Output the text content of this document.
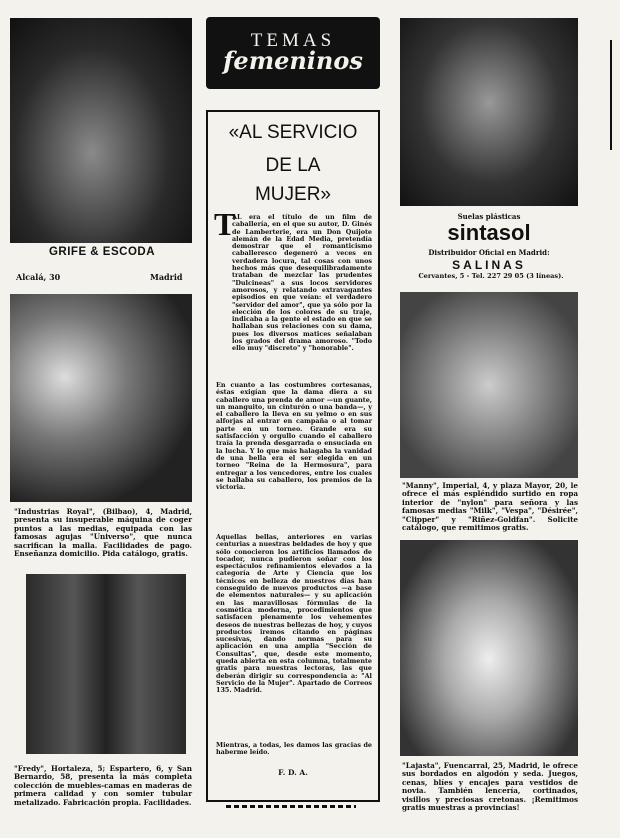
GRIFE & ESCODA
Alcalá, 30	Madrid
"Industrias Royal", (Bilbao), 4, Madrid, presenta su insuperable máquina de coger puntos a las medias, equipada con las famosas agujas "Universo", que nunca sacrifican la malla. Facilidades de pago. Enseñanza domicilio. Pida catálogo, gratis.
"Fredy", Hortaleza, 5; Espartero, 6, y San Bernardo, 58, presenta la más completa colección de muebles-camas en maderas de primera calidad y con somier tubular metalizado. Fabricación propia. Facilidades.
TEMAS
femeninos
«AL SERVICIO
DE LA
MUJER»
T
AL era el título de un film de caballería, en el que su autor, D. Ginés de Lamberterie, era un Don Quijote alemán de la Edad Media, pretendía demostrar que el romanticismo caballeresco degeneró a veces en verdadera locura, tal cosas con unos hechos más que desequilibradamente trataban de mezclar las prudentes "Dulcineas" a sus locos servidores amorosos, y relatando extravagantes episodios en que veían: el verdadero "servidor del amor", que ya sólo por la elección de los colores de su traje, indicaba a la gente el estado en que se hallaban sus relaciones con su dama, pues los diversos matices señalaban los grados del drama amoroso. "Todo ello muy "discreto" y "honorable".
En cuanto a las costumbres cortesanas, éstas exigían que la dama diera a su caballero una prenda de amor —un guante, un manguito, un cinturón o una banda—, y el caballero la lleva en su yelmo o en sus alforjas al entrar en campaña o al tomar parte en un torneo. Grande era su satisfacción y orgullo cuando el caballero traía la prenda desgarrada o ensuciada en la lucha. Y lo que más halagaba la vanidad de una bella era el ser elegida en un torneo "Reina de la Hermosura", para entregar a los vencedores, entre los cuales se hallaba su caballero, los premios de la victoria.
Aquellas bellas, anteriores en varias centurias a nuestras beldades de hoy y que sólo conocieron los artificios llamados de tocador, nunca pudieron soñar con los espectáculos refinamientos elevados a la categoría de Arte y Ciencia que los técnicos en belleza de nuestros días han conseguido de nuevos productos —a base de elementos naturales— y su aplicación en las maravillosas fórmulas de la cosmética moderna, procedimientos que satisfacen plenamente los vehementes deseos de nuestras bellezas de hoy, y cuyos productos iremos citando en páginas sucesivas, dando normas para su aplicación en una amplia "Sección de Consultas", que, desde este momento, queda abierta en esta columna, totalmente gratis para nuestras lectoras, las que deberán dirigir su correspondencia a: "Al Servicio de la Mujer". Apartado de Correos 135. Madrid.
Mientras, a todas, les damos las gracias de haberme leído.
F. D. A.
Suelas plásticas
sintasol
Distribuidor Oficial en Madrid:
SALINAS
Cervantes, 5 - Tel. 227 29 05 (3 líneas).
"Manny", Imperial, 4, y plaza Mayor, 20, le ofrece el más espléndido surtido en ropa interior de "nylon" para señora y las famosas medias "Milk", "Vespa", "Désirée", "Clipper" y "Riñez-Goldfan". Solicite catálogo, que remitimos gratis.
"Lajasta", Fuencarral, 25, Madrid, le ofrece sus bordados en algodón y seda. Juegos, cenas, blíes y encajes para vestidos de novia. También lencería, cortinados, visillos y preciosas cretonas. ¡Remitimos gratis muestras a provincias!
